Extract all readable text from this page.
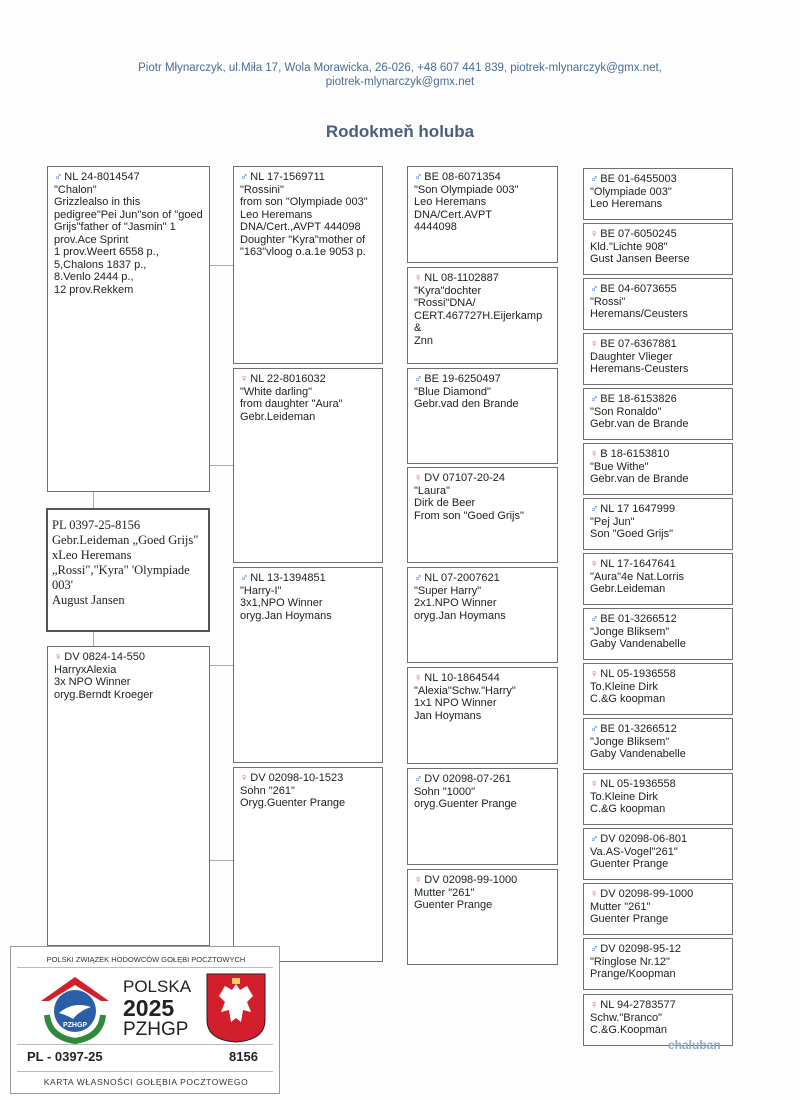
Piotr Młynarczyk, ul.Miła 17, Wola Morawicka, 26-026, +48 607 441 839, piotrek-mlynarczyk@gmx.net,
piotrek-mlynarczyk@gmx.net
Rodokmeň holuba
♂ NL 24-8014547
"Chalon"
Grizzlealso in this pedigree"Pei Jun"son of "goed Grijs"father of "Jasmin" 1 prov.Ace Sprint
1 prov.Weert 6558 p.,
5,Chalons 1837 p.,
8.Venlo 2444 p.,
12 prov.Rekkem
PL 0397-25-8156
Gebr.Leideman „Goed Grijs" xLeo Heremans „Rossi","Kyra" 'Olympiade 003'
August Jansen
♀ DV 0824-14-550
HarryxAlexia
3x NPO Winner
oryg.Berndt Kroeger
♂ NL 17-1569711
"Rossini"
from son "Olympiade 003"
Leo Heremans
DNA/Cert.,AVPT 444098
Doughter "Kyra"mother of "163"vloog o.a.1e 9053 p.
♀ NL 22-8016032
"White darling"
from daughter "Aura"
Gebr.Leideman
♂ NL 13-1394851
"Harry-I"
3x1,NPO Winner
oryg.Jan Hoymans
♀ DV 02098-10-1523
Sohn "261"
Oryg.Guenter Prange
♂ BE 08-6071354
"Son Olympiade 003"
Leo Heremans
DNA/Cert.AVPT
4444098
♀ NL 08-1102887
"Kyra"dochter
"Rossi"DNA/
CERT.467727H.Eijerkamp
&
Znn
♂ BE 19-6250497
"Blue Diamond"
Gebr.vad den Brande
♀ DV 07107-20-24
"Laura"
Dirk de Beer
From son "Goed Grijs"
♂ NL 07-2007621
"Super Harry"
2x1.NPO Winner
oryg.Jan Hoymans
♀ NL 10-1864544
"Alexia"Schw."Harry"
1x1 NPO Winner
Jan Hoymans
♂ DV 02098-07-261
Sohn "1000"
oryg.Guenter Prange
♀ DV 02098-99-1000
Mutter "261"
Guenter Prange
♂ BE 01-6455003
"Olympiade 003"
Leo Heremans
♀ BE 07-6050245
Kld."Lichte 908"
Gust Jansen Beerse
♂ BE 04-6073655
"Rossi"
Heremans/Ceusters
♀ BE 07-6367881
Daughter Vlieger
Heremans-Ceusters
♂ BE 18-6153826
"Son Ronaldo"
Gebr.van de Brande
♀ B 18-6153810
"Bue Withe"
Gebr.van de Brande
♂ NL 17 1647999
"Pej Jun"
Son "Goed Grijs"
♀ NL 17-1647641
"Aura"4e Nat.Lorris
Gebr.Leideman
♂ BE 01-3266512
"Jonge Bliksem"
Gaby Vandenabelle
♀ NL 05-1936558
To.Kleine Dirk
C.&G koopman
♂ BE 01-3266512
"Jonge Bliksem"
Gaby Vandenabelle
♀ NL 05-1936558
To.Kleine Dirk
C.&G koopman
♂ DV 02098-06-801
Va.AS-Vogel"261"
Guenter Prange
♀ DV 02098-99-1000
Mutter "261"
Guenter Prange
♂ DV 02098-95-12
"Ringlose Nr.12"
Prange/Koopman
♀ NL 94-2783577
Schw."Branco"
C.&G.Koopman
ehaluban
POLSKI ZWIĄZEK HODOWCÓW GOŁĘBI POCZTOWYCH
PZHGP
POLSKA
2025
PZHGP
PL - 0397-25	8156
KARTA WŁASNOŚCI GOŁĘBIA POCZTOWEGO
